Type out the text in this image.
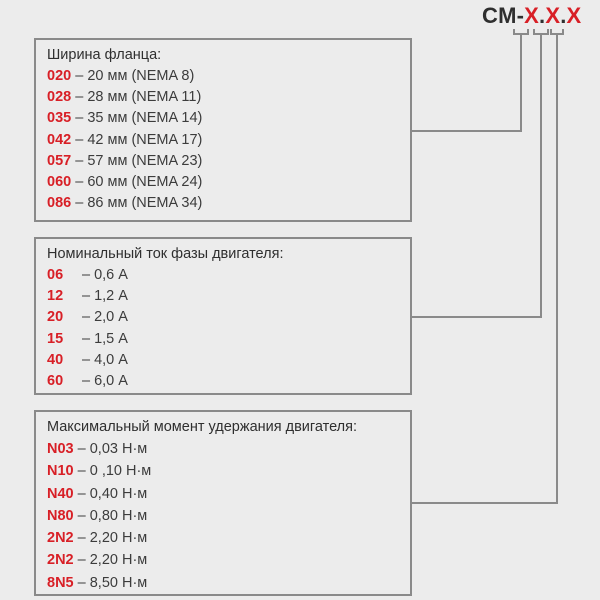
CM-X.X.X
Ширина фланца:
020 – 20 мм (NEMA 8)
028 – 28 мм (NEMA 11)
035 – 35 мм (NEMA 14)
042 – 42 мм (NEMA 17)
057 – 57 мм (NEMA 23)
060 – 60 мм (NEMA 24)
086 – 86 мм (NEMA 34)
Номинальный ток фазы двигателя:
06 – 0,6 А
12 – 1,2 А
20 – 2,0 А
15 – 1,5 А
40 – 4,0 А
60 – 6,0 А
Максимальный момент удержания двигателя:
N03 – 0,03 Н·м
N10 – 0 ,10 Н·м
N40 – 0,40 Н·м
N80 – 0,80 Н·м
2N2 – 2,20 Н·м
2N2 – 2,20 Н·м
8N5 – 8,50 Н·м
